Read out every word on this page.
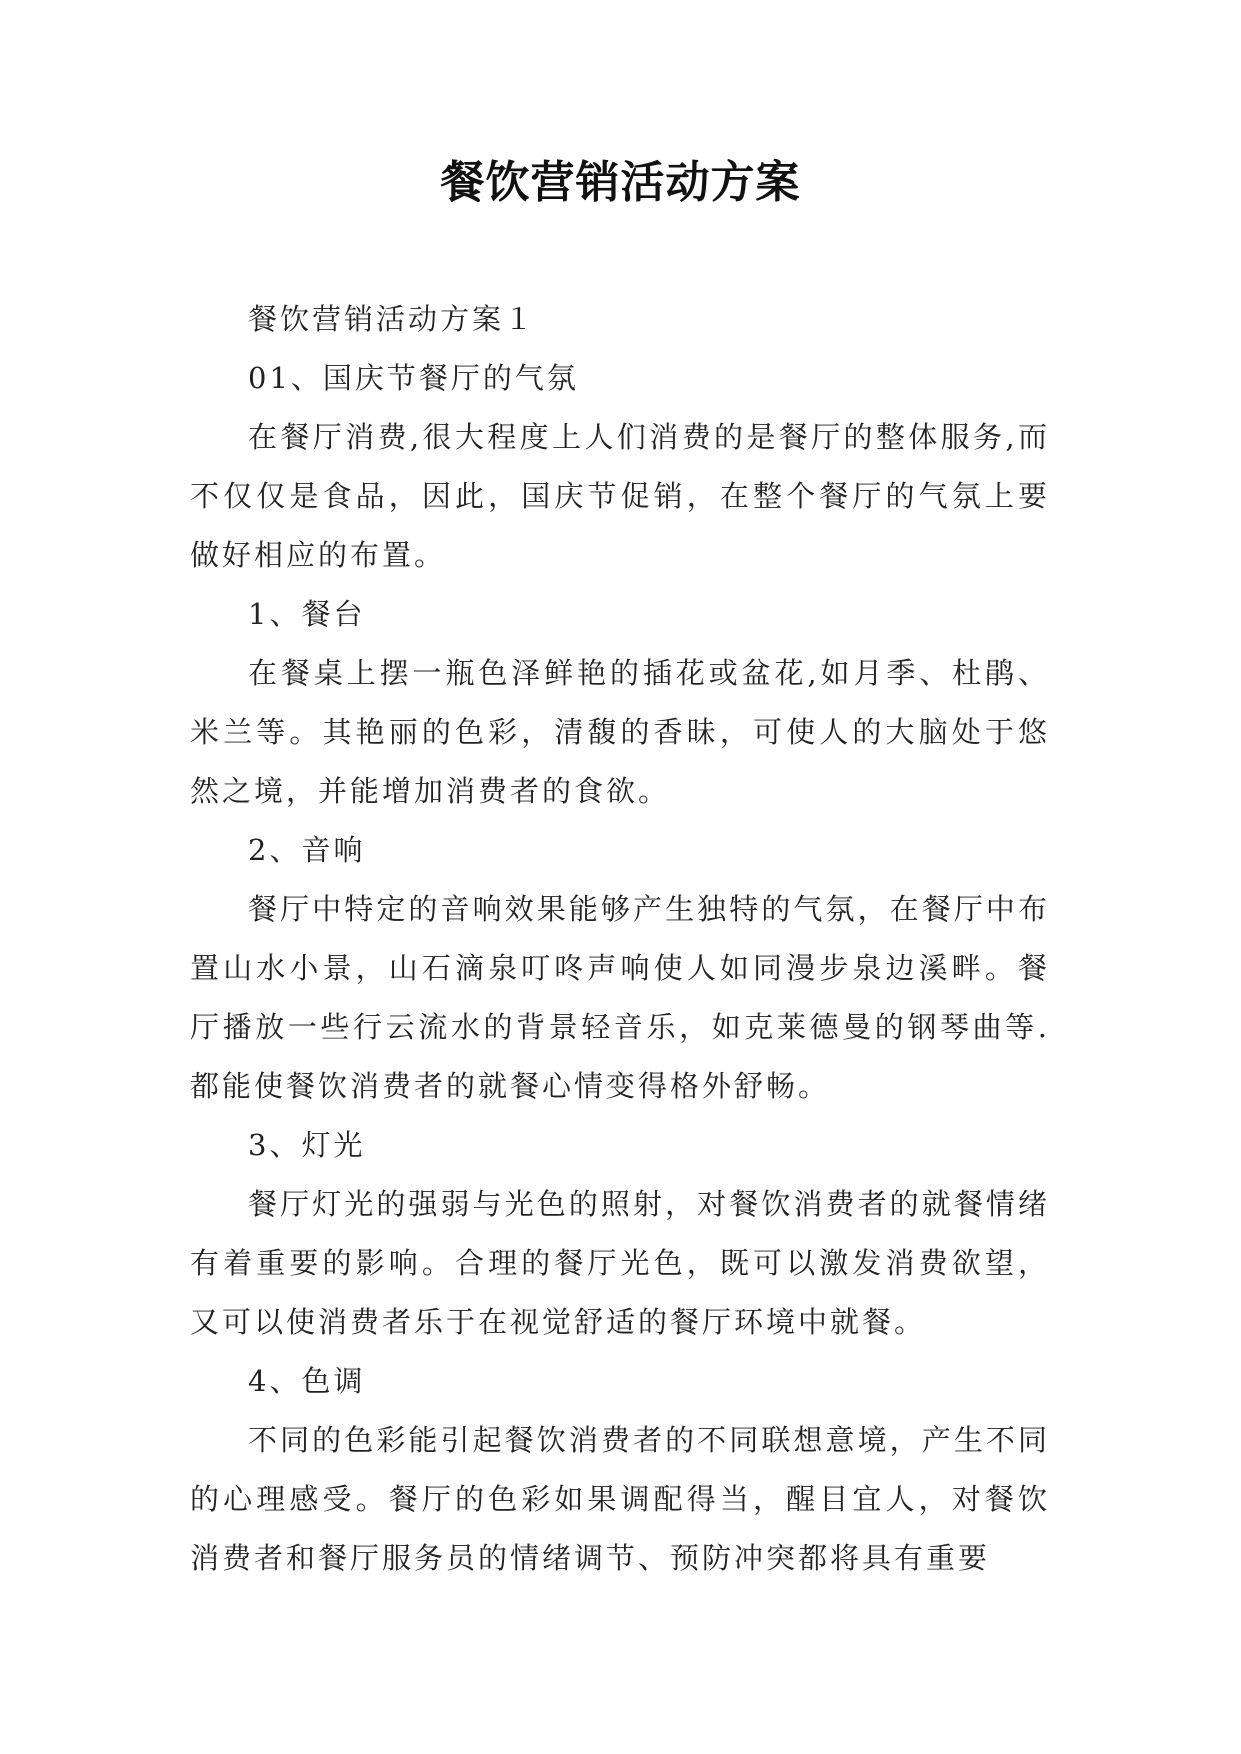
餐饮营销活动方案

餐饮营销活动方案１

01、国庆节餐厅的气氛

在餐厅消费,很大程度上人们消费的是餐厅的整体服务,而不仅仅是食品，因此，国庆节促销，在整个餐厅的气氛上要做好相应的布置。

1、餐台

在餐桌上摆一瓶色泽鲜艳的插花或盆花,如月季、杜鹃、米兰等。其艳丽的色彩，清馥的香昧，可使人的大脑处于悠然之境，并能增加消费者的食欲。

2、音响

餐厅中特定的音响效果能够产生独特的气氛，在餐厅中布置山水小景，山石滴泉叮咚声响使人如同漫步泉边溪畔。餐厅播放一些行云流水的背景轻音乐，如克莱德曼的钢琴曲等.都能使餐饮消费者的就餐心情变得格外舒畅。

3、灯光

餐厅灯光的强弱与光色的照射，对餐饮消费者的就餐情绪有着重要的影响。合理的餐厅光色，既可以激发消费欲望，又可以使消费者乐于在视觉舒适的餐厅环境中就餐。

4、色调

不同的色彩能引起餐饮消费者的不同联想意境，产生不同的心理感受。餐厅的色彩如果调配得当，醒目宜人，对餐饮消费者和餐厅服务员的情绪调节、预防冲突都将具有重要
